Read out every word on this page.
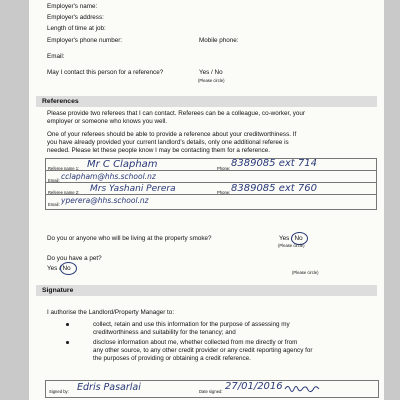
Employer's name:
Employer's address:
Length of time at job:
Employer's phone number:	Mobile phone:
Email:
May I contact this person for a reference?	Yes / No
(Please circle)
References
Please provide two referees that I can contact. Referees can be a colleague, co-worker, your
employer or someone who knows you well.
One of your referees should be able to provide a reference about your creditworthiness. If
you have already provided your current landlord's details, only one additional referee is
needed. Please let these people know I may be contacting them for a reference.
Referee name 1: Mr C Clapham	Phone: 8389085 ext 714
Email: cclapham@hhs.school.nz
Referee name 2: Mrs Yashani Perera	Phone: 8389085 ext 760
Email: yperera@hhs.school.nz
Do you or anyone who will be living at the property smoke?	Yes / No
(Please circle)
Do you have a pet?
Yes / No
(Please circle)
Signature
I authorise the Landlord/Property Manager to:
collect, retain and use this information for the purpose of assessing my
creditworthiness and suitability for the tenancy; and
disclose information about me, whether collected from me directly or from
any other source, to any other credit provider or any credit reporting agency for
the purposes of providing or obtaining a credit reference.
Signed by: Edris Pasarlai	Date signed: 27/01/2016
